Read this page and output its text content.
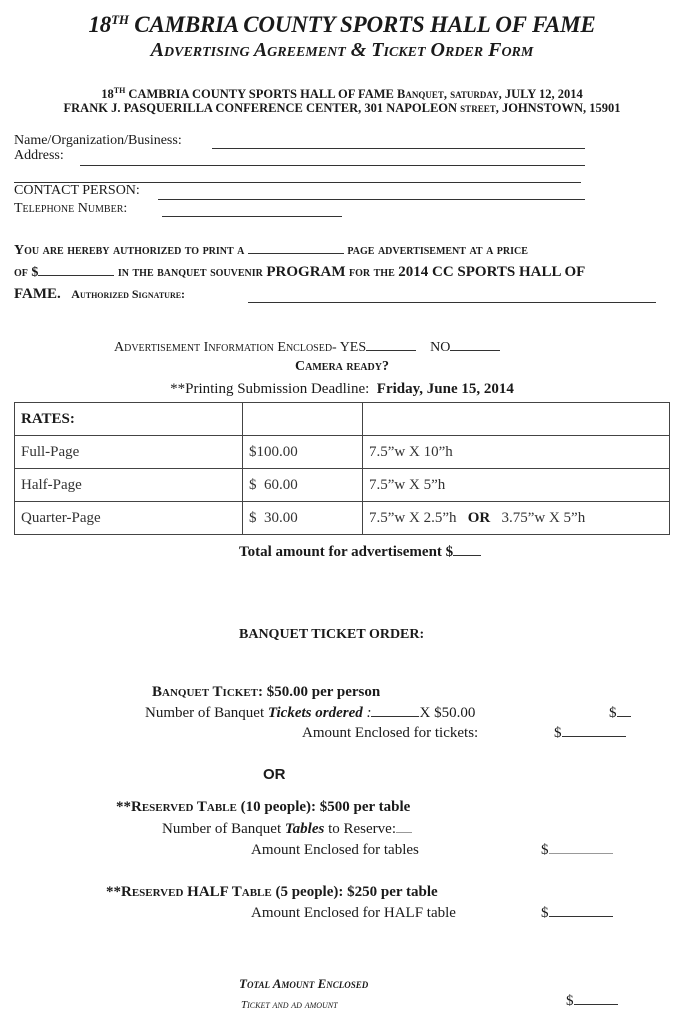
18TH CAMBRIA COUNTY SPORTS HALL OF FAME
Advertising Agreement & Ticket Order Form
18TH CAMBRIA COUNTY SPORTS HALL OF FAME Banquet, saturday, JULY 12, 2014
FRANK J. PASQUERILLA CONFERENCE CENTER, 301 NAPOLEON street, JOHNSTOWN, 15901
Name/Organization/Business:
Address:
CONTACT PERSON:
Telephone Number:
You are hereby authorized to print a	page advertisement at a price
of $	in the banquet souvenir PROGRAM for the 2014 CC SPORTS HALL OF
FAME. Authorized Signature:
Advertisement Information Enclosed- YES	NO
Camera ready?
**Printing Submission Deadline: Friday, June 15, 2014
RATES:		
Full-Page	$100.00	7.5”w X 10”h
Half-Page	$  60.00	7.5”w X 5”h
Quarter-Page	$  30.00	7.5”w X 2.5”h OR 3.75”w X 5”h
Total amount for advertisement $
BANQUET TICKET ORDER:
Banquet Ticket: $50.00 per person
Number of Banquet Tickets ordered :	X $50.00	$
Amount Enclosed for tickets:	$
OR
**Reserved Table (10 people): $500 per table
Number of Banquet Tables to Reserve:
Amount Enclosed for tables	$
**Reserved HALF Table (5 people): $250 per table
Amount Enclosed for HALF table	$
Total Amount Enclosed
Ticket and ad amount	$
